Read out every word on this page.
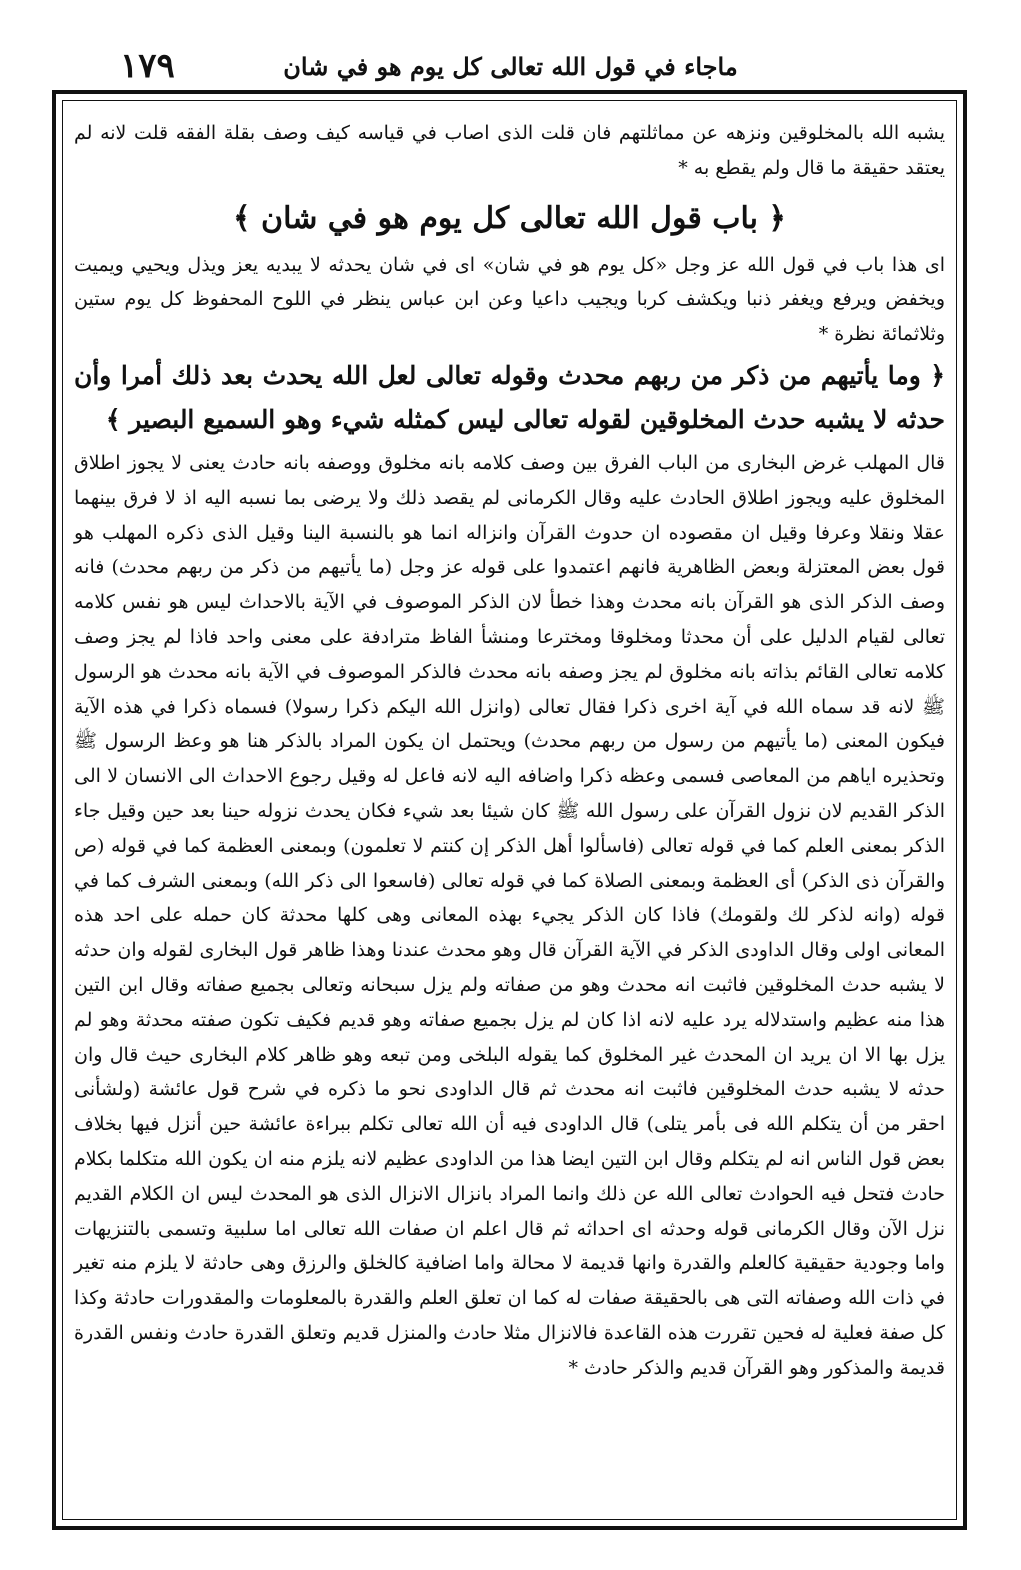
ماجاء في قول الله تعالى كل يوم هو في شان
١٧٩

يشبه الله بالمخلوقين ونزهه عن مماثلتهم فان قلت الذى اصاب في قياسه كيف وصف بقلة الفقه قلت لانه لم يعتقد حقيقة ما قال ولم يقطع به *

﴿ باب قول الله تعالى كل يوم هو في شان ﴾

اى هذا باب في قول الله عز وجل «كل يوم هو في شان» اى في شان يحدثه لا يبديه يعز ويذل ويحيي ويميت ويخفض ويرفع ويغفر ذنبا ويكشف كربا ويجيب داعيا وعن ابن عباس ينظر في اللوح المحفوظ كل يوم ستين وثلاثمائة نظرة *

﴿ وما يأتيهم من ذكر من ربهم محدث وقوله تعالى لعل الله يحدث بعد ذلك أمرا وأن حدثه لا يشبه حدث المخلوقين لقوله تعالى ليس كمثله شيء وهو السميع البصير ﴾

قال المهلب غرض البخارى من الباب الفرق بين وصف كلامه بانه مخلوق ووصفه بانه حادث يعنى لا يجوز اطلاق المخلوق عليه ويجوز اطلاق الحادث عليه وقال الكرمانى لم يقصد ذلك ولا يرضى بما نسبه اليه اذ لا فرق بينهما عقلا ونقلا وعرفا وقيل ان مقصوده ان حدوث القرآن وانزاله انما هو بالنسبة الينا وقيل الذى ذكره المهلب هو قول بعض المعتزلة وبعض الظاهرية فانهم اعتمدوا على قوله عز وجل (ما يأتيهم من ذكر من ربهم محدث) فانه وصف الذكر الذى هو القرآن بانه محدث وهذا خطأ لان الذكر الموصوف في الآية بالاحداث ليس هو نفس كلامه تعالى لقيام الدليل على أن محدثا ومخلوقا ومخترعا ومنشأ الفاظ مترادفة على معنى واحد فاذا لم يجز وصف كلامه تعالى القائم بذاته بانه مخلوق لم يجز وصفه بانه محدث فالذكر الموصوف في الآية بانه محدث هو الرسول ﷺ لانه قد سماه الله في آية اخرى ذكرا فقال تعالى (وانزل الله اليكم ذكرا رسولا) فسماه ذكرا في هذه الآية فيكون المعنى (ما يأتيهم من رسول من ربهم محدث) ويحتمل ان يكون المراد بالذكر هنا هو وعظ الرسول ﷺ وتحذيره اياهم من المعاصى فسمى وعظه ذكرا واضافه اليه لانه فاعل له وقيل رجوع الاحداث الى الانسان لا الى الذكر القديم لان نزول القرآن على رسول الله ﷺ كان شيئا بعد شيء فكان يحدث نزوله حينا بعد حين وقيل جاء الذكر بمعنى العلم كما في قوله تعالى (فاسألوا أهل الذكر إن كنتم لا تعلمون) وبمعنى العظمة كما في قوله (ص والقرآن ذى الذكر) أى العظمة وبمعنى الصلاة كما في قوله تعالى (فاسعوا الى ذكر الله) وبمعنى الشرف كما في قوله (وانه لذكر لك ولقومك) فاذا كان الذكر يجيء بهذه المعانى وهى كلها محدثة كان حمله على احد هذه المعانى اولى وقال الداودى الذكر في الآية القرآن قال وهو محدث عندنا وهذا ظاهر قول البخارى لقوله وان حدثه لا يشبه حدث المخلوقين فاثبت انه محدث وهو من صفاته ولم يزل سبحانه وتعالى بجميع صفاته وقال ابن التين هذا منه عظيم واستدلاله يرد عليه لانه اذا كان لم يزل بجميع صفاته وهو قديم فكيف تكون صفته محدثة وهو لم يزل بها الا ان يريد ان المحدث غير المخلوق كما يقوله البلخى ومن تبعه وهو ظاهر كلام البخارى حيث قال وان حدثه لا يشبه حدث المخلوقين فاثبت انه محدث ثم قال الداودى نحو ما ذكره في شرح قول عائشة (ولشأنى احقر من أن يتكلم الله فى بأمر يتلى) قال الداودى فيه أن الله تعالى تكلم ببراءة عائشة حين أنزل فيها بخلاف بعض قول الناس انه لم يتكلم وقال ابن التين ايضا هذا من الداودى عظيم لانه يلزم منه ان يكون الله متكلما بكلام حادث فتحل فيه الحوادث تعالى الله عن ذلك وانما المراد بانزال الانزال الذى هو المحدث ليس ان الكلام القديم نزل الآن وقال الكرمانى قوله وحدثه اى احداثه ثم قال اعلم ان صفات الله تعالى اما سلبية وتسمى بالتنزيهات واما وجودية حقيقية كالعلم والقدرة وانها قديمة لا محالة واما اضافية كالخلق والرزق وهى حادثة لا يلزم منه تغير في ذات الله وصفاته التى هى بالحقيقة صفات له كما ان تعلق العلم والقدرة بالمعلومات والمقدورات حادثة وكذا كل صفة فعلية له فحين تقررت هذه القاعدة فالانزال مثلا حادث والمنزل قديم وتعلق القدرة حادث ونفس القدرة قديمة والمذكور وهو القرآن قديم والذكر حادث *
